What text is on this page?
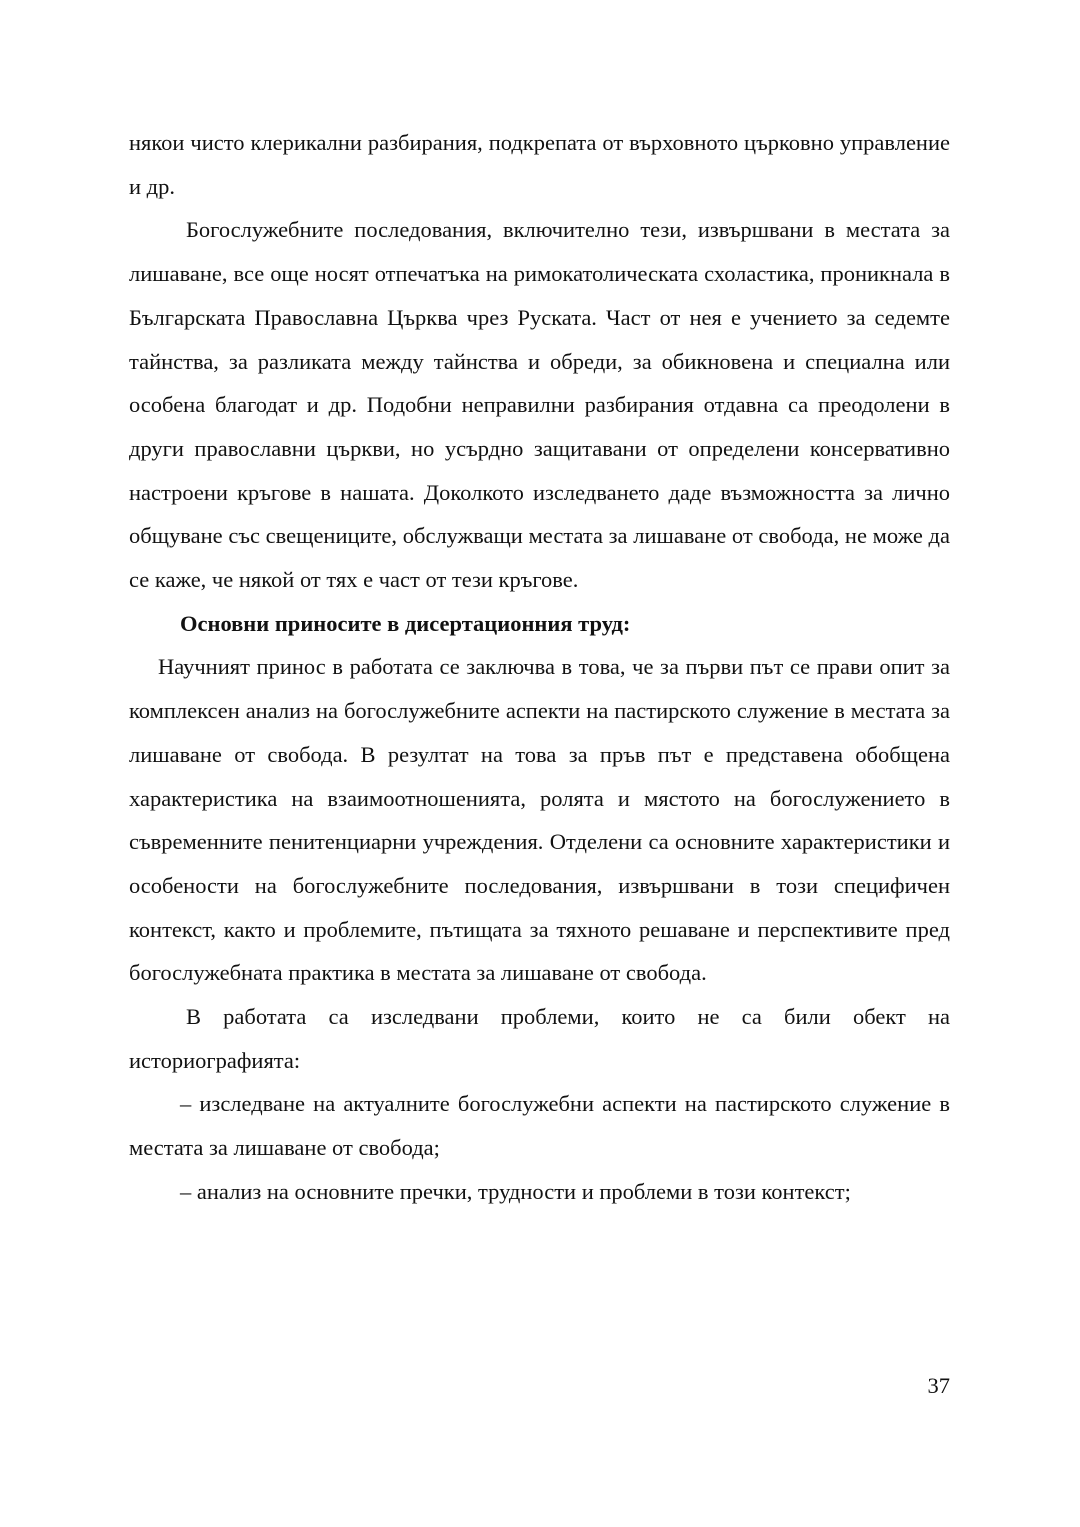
някои чисто клерикални разбирания, подкрепата от върховното църковно управление и др.

Богослужебните последования, включително тези, извършвани в местата за лишаване, все още носят отпечатъка на римокатолическата схоластика, проникнала в Българската Православна Църква чрез Руската. Част от нея е учението за седемте тайнства, за разликата между тайнства и обреди, за обикновена и специална или особена благодат и др. Подобни неправилни разбирания отдавна са преодолени в други православни църкви, но усърдно защитавани от определени консервативно настроени кръгове в нашата. Доколкото изследването даде възможността за лично общуване със свещениците, обслужващи местата за лишаване от свобода, не може да се каже, че някой от тях е част от тези кръгове.

Основни приносите в дисертационния труд:

Научният принос в работата се заключва в това, че за първи път се прави опит за комплексен анализ на богослужебните аспекти на пастирското служение в местата за лишаване от свобода. В резултат на това за пръв път е представена обобщена характеристика на взаимоотношенията, ролята и мястото на богослужението в съвременните пенитенциарни учреждения. Отделени са основните характеристики и особености на богослужебните последования, извършвани в този специфичен контекст, както и проблемите, пътищата за тяхното решаване и перспективите пред богослужебната практика в местата за лишаване от свобода.

В работата са изследвани проблеми, които не са били обект на историографията:

– изследване на актуалните богослужебни аспекти на пастирското служение в местата за лишаване от свобода;

– анализ на основните пречки, трудности и проблеми в този контекст;

37
